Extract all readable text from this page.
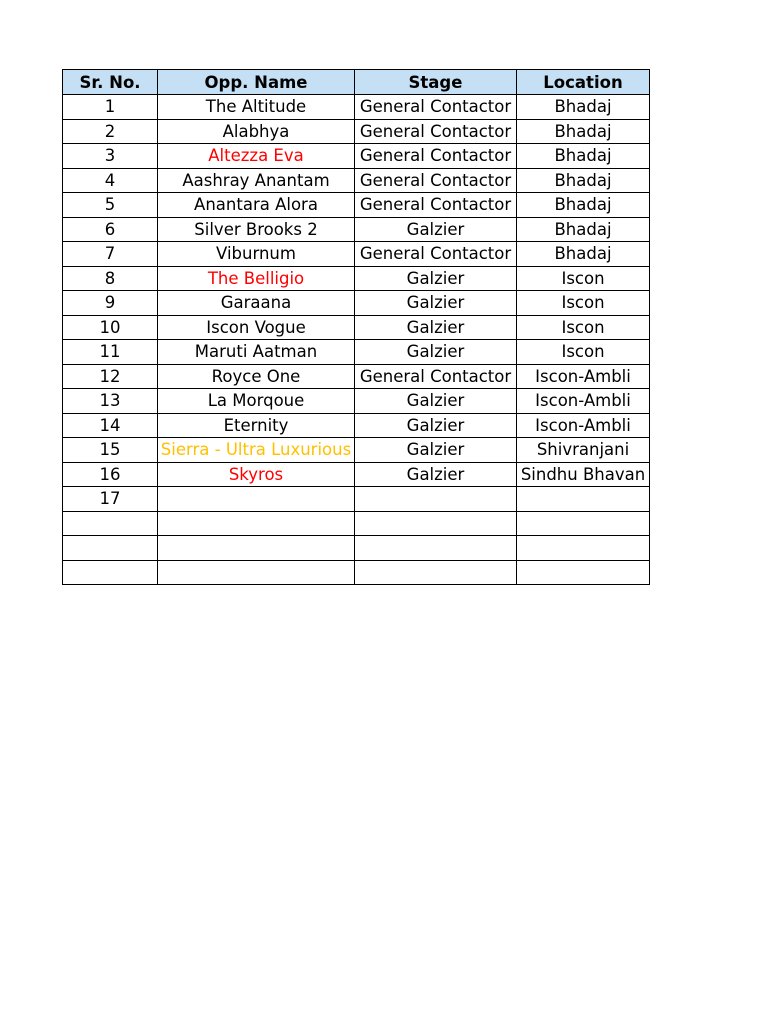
Sr. No.	Opp. Name	Stage	Location
1	The Altitude	General Contactor	Bhadaj
2	Alabhya	General Contactor	Bhadaj
3	Altezza Eva	General Contactor	Bhadaj
4	Aashray Anantam	General Contactor	Bhadaj
5	Anantara Alora	General Contactor	Bhadaj
6	Silver Brooks 2	Galzier	Bhadaj
7	Viburnum	General Contactor	Bhadaj
8	The Belligio	Galzier	Iscon
9	Garaana	Galzier	Iscon
10	Iscon Vogue	Galzier	Iscon
11	Maruti Aatman	Galzier	Iscon
12	Royce One	General Contactor	Iscon-Ambli
13	La Morqoue	Galzier	Iscon-Ambli
14	Eternity	Galzier	Iscon-Ambli
15	Sierra - Ultra Luxurious	Galzier	Shivranjani
16	Skyros	Galzier	Sindhu Bhavan
17			
